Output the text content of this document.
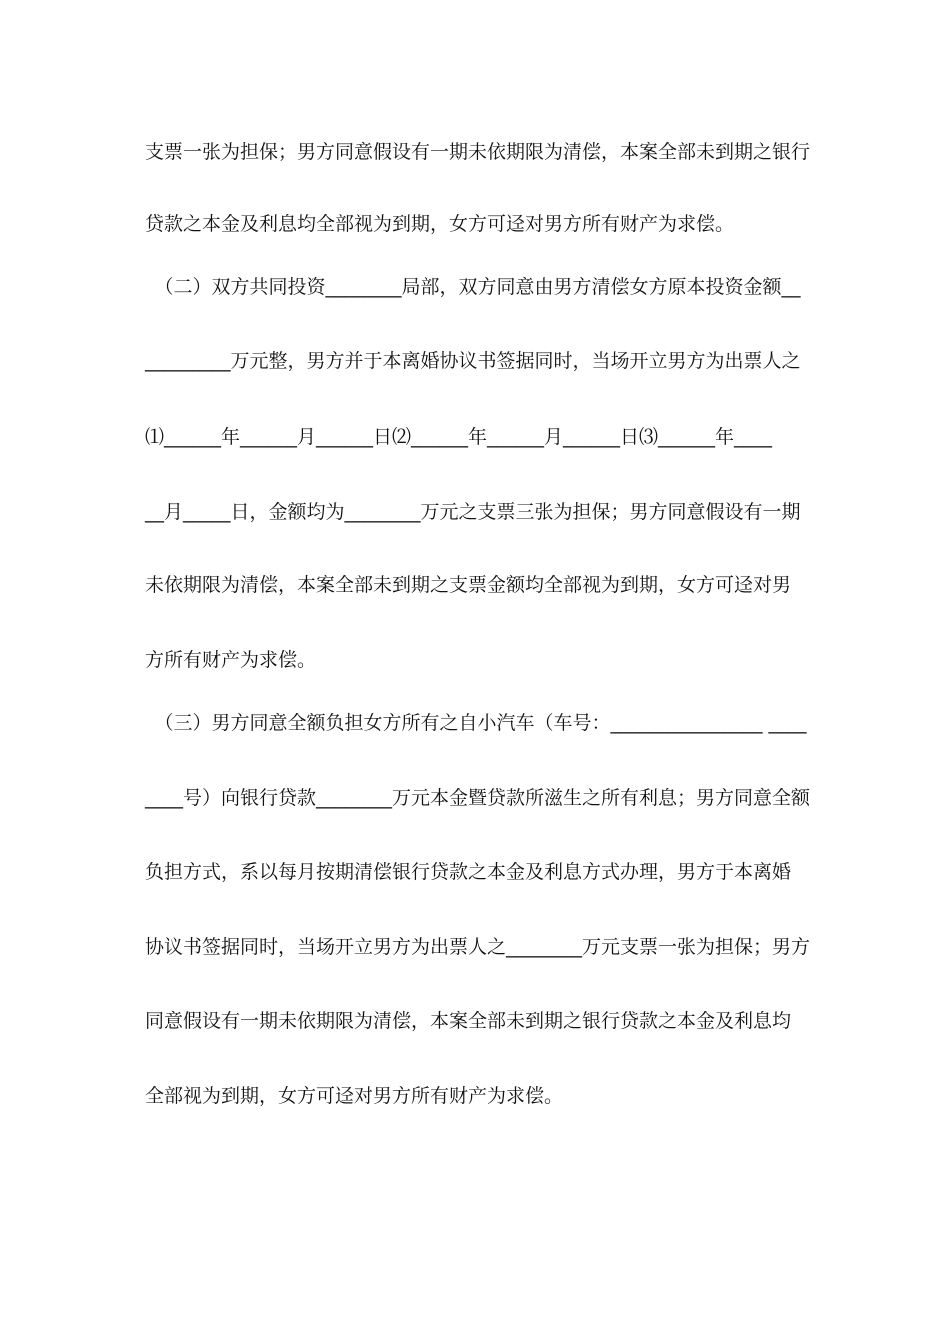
支票一张为担保；男方同意假设有一期未依期限为清偿，本案全部未到期之银行
贷款之本金及利息均全部视为到期，女方可迳对男方所有财产为求偿。
　（二）双方共同投资________局部，双方同意由男方清偿女方原本投资金额__
_________万元整，男方并于本离婚协议书签据同时，当场开立男方为出票人之
⑴______年______月______日⑵______年______月______日⑶______年____
__月_____日，金额均为________万元之支票三张为担保；男方同意假设有一期
未依期限为清偿，本案全部未到期之支票金额均全部视为到期，女方可迳对男
方所有财产为求偿。
　（三）男方同意全额负担女方所有之自小汽车（车号：________________ ____
____号）向银行贷款________万元本金暨贷款所滋生之所有利息；男方同意全额
负担方式，系以每月按期清偿银行贷款之本金及利息方式办理，男方于本离婚
协议书签据同时，当场开立男方为出票人之________万元支票一张为担保；男方
同意假设有一期未依期限为清偿，本案全部未到期之银行贷款之本金及利息均
全部视为到期，女方可迳对男方所有财产为求偿。
